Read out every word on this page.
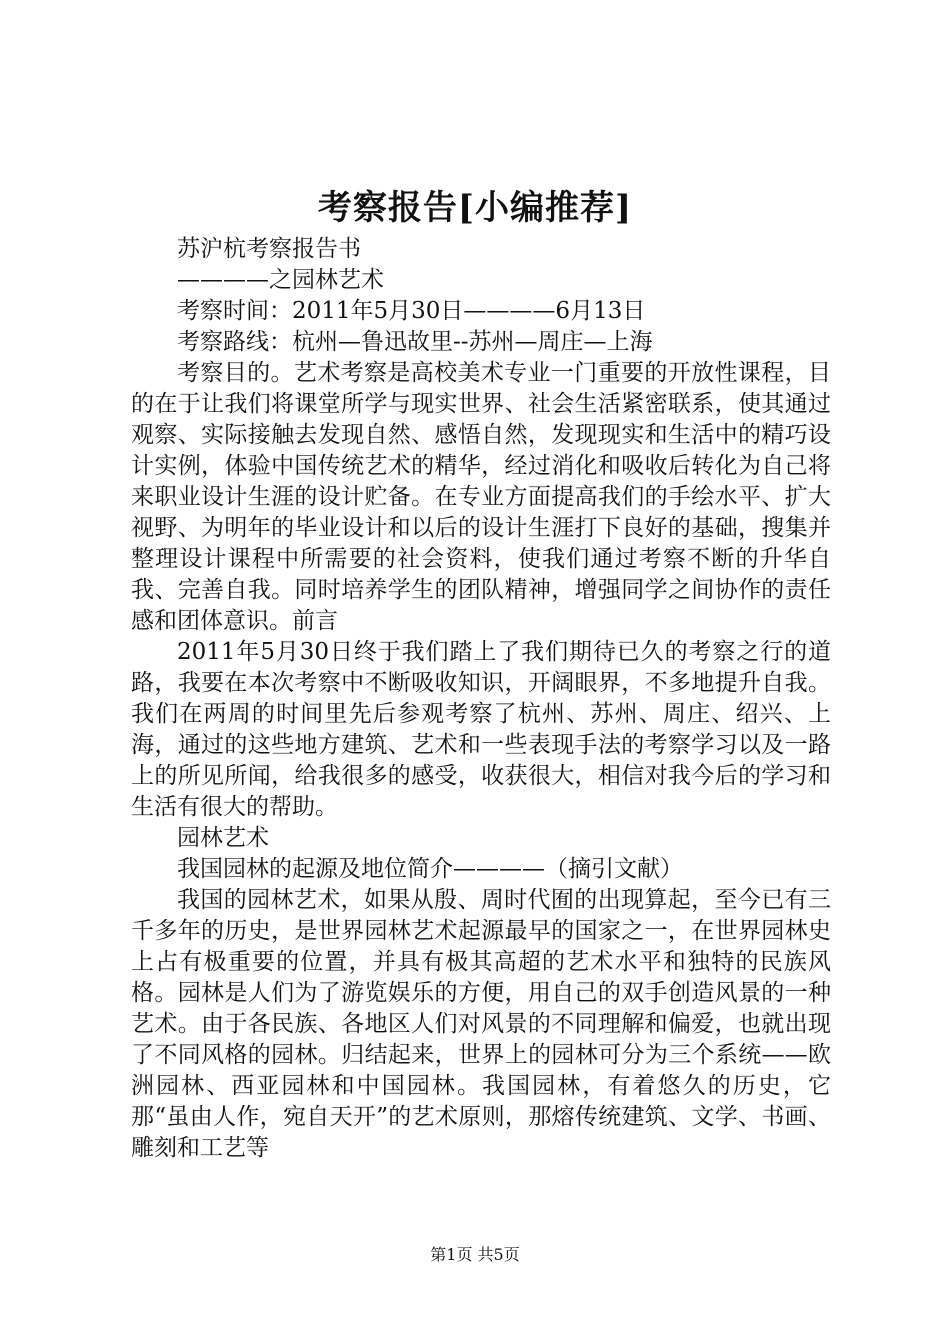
考察报告[小编推荐]

苏沪杭考察报告书

————之园林艺术

考察时间：2011年5月30日————6月13日

考察路线：杭州—鲁迅故里--苏州—周庄—上海

考察目的。艺术考察是高校美术专业一门重要的开放性课程，目的在于让我们将课堂所学与现实世界、社会生活紧密联系，使其通过观察、实际接触去发现自然、感悟自然，发现现实和生活中的精巧设计实例，体验中国传统艺术的精华，经过消化和吸收后转化为自己将来职业设计生涯的设计贮备。在专业方面提高我们的手绘水平、扩大视野、为明年的毕业设计和以后的设计生涯打下良好的基础，搜集并整理设计课程中所需要的社会资料，使我们通过考察不断的升华自我、完善自我。同时培养学生的团队精神，增强同学之间协作的责任感和团体意识。前言

2011年5月30日终于我们踏上了我们期待已久的考察之行的道路，我要在本次考察中不断吸收知识，开阔眼界，不多地提升自我。我们在两周的时间里先后参观考察了杭州、苏州、周庄、绍兴、上海，通过的这些地方建筑、艺术和一些表现手法的考察学习以及一路上的所见所闻，给我很多的感受，收获很大，相信对我今后的学习和生活有很大的帮助。

园林艺术

我国园林的起源及地位简介————（摘引文献）

我国的园林艺术，如果从殷、周时代囿的出现算起，至今已有三千多年的历史，是世界园林艺术起源最早的国家之一，在世界园林史上占有极重要的位置，并具有极其高超的艺术水平和独特的民族风格。园林是人们为了游览娱乐的方便，用自己的双手创造风景的一种艺术。由于各民族、各地区人们对风景的不同理解和偏爱，也就出现了不同风格的园林。归结起来，世界上的园林可分为三个系统——欧洲园林、西亚园林和中国园林。我国园林，有着悠久的历史，它那“虽由人作，宛自天开”的艺术原则，那熔传统建筑、文学、书画、雕刻和工艺等

第1页 共5页
